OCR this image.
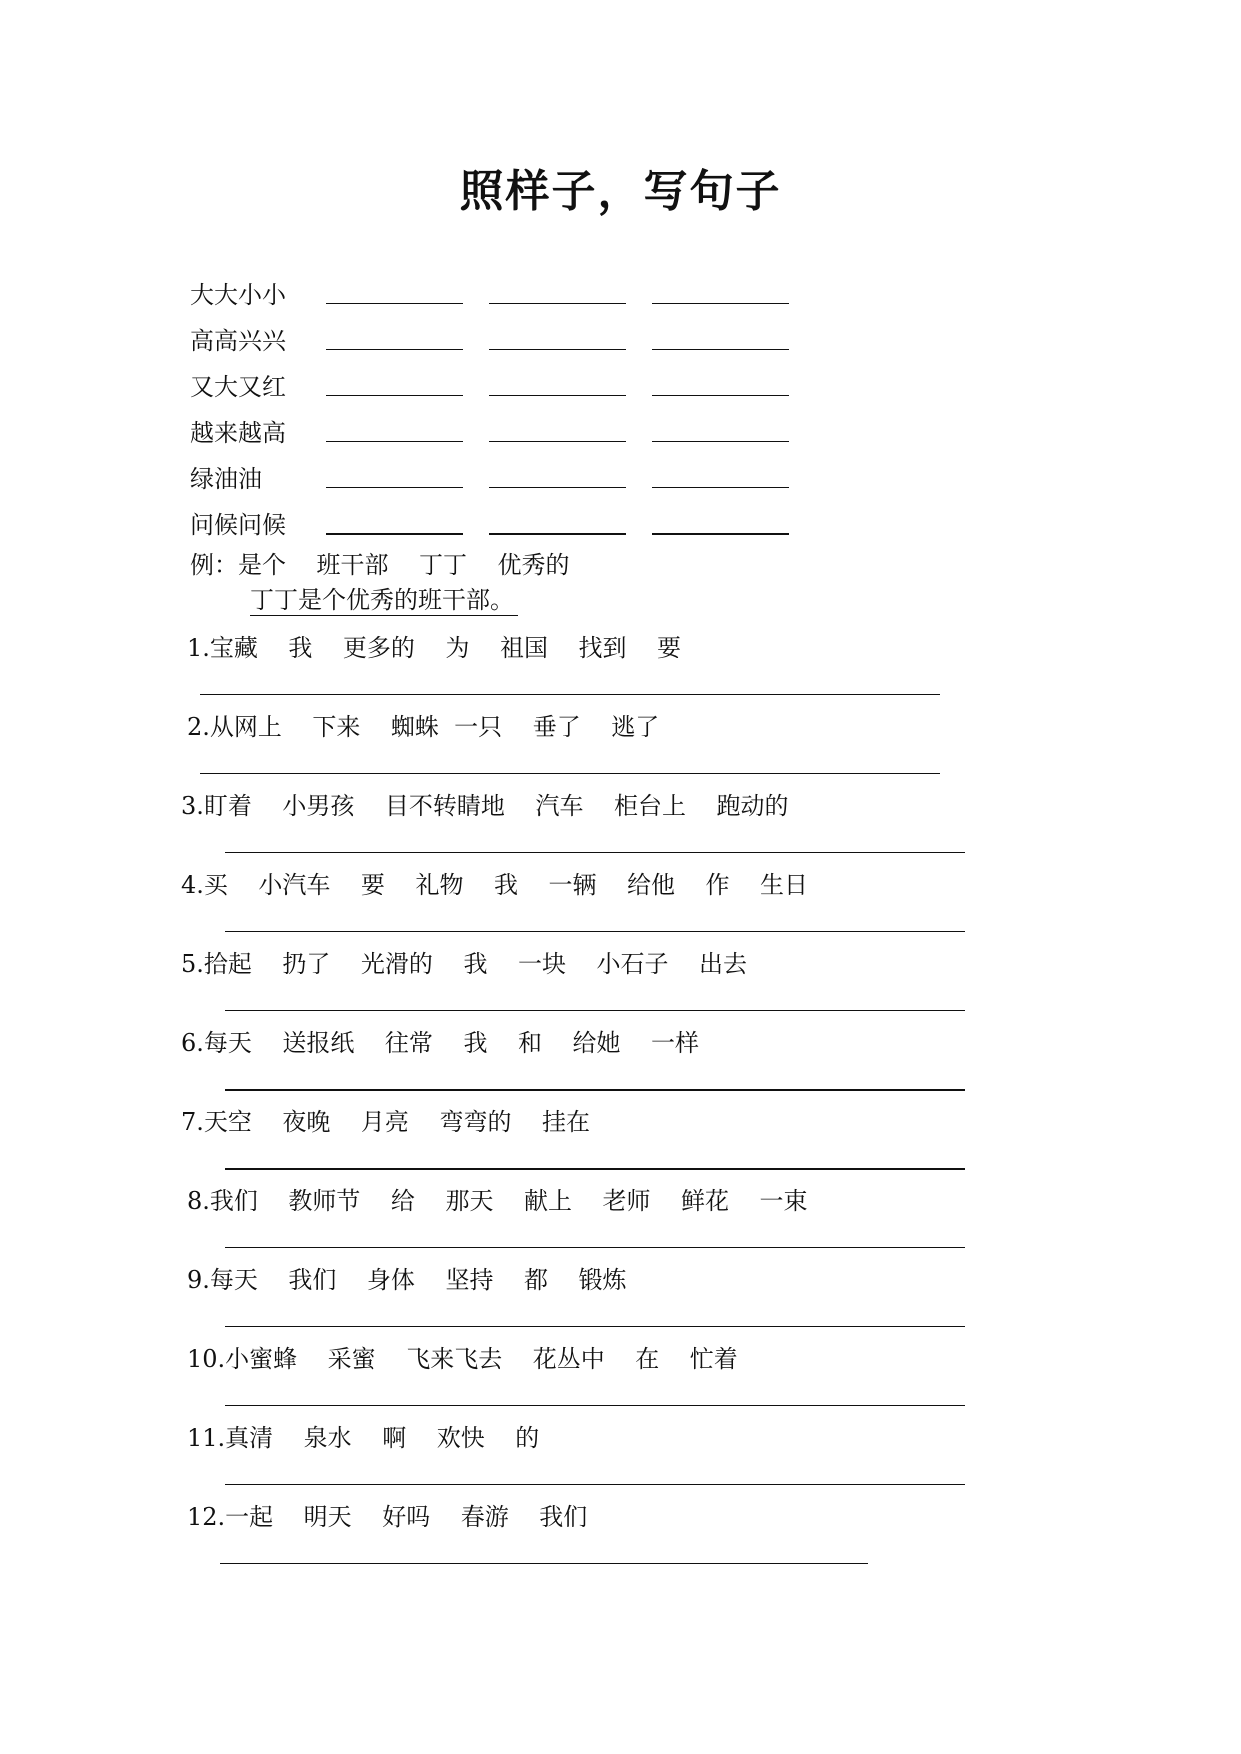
照样子，写句子
大大小小
高高兴兴
又大又红
越来越高
绿油油
问候问候
例：是个    班干部    丁丁    优秀的
丁丁是个优秀的班干部。
1.宝藏    我    更多的    为    祖国    找到    要
2.从网上    下来    蜘蛛  一只    垂了    逃了
3.盯着    小男孩    目不转睛地    汽车    柜台上    跑动的
4.买    小汽车    要    礼物    我    一辆    给他    作    生日
5.拾起    扔了    光滑的    我    一块    小石子    出去
6.每天    送报纸    往常    我    和    给她    一样
7.天空    夜晚    月亮    弯弯的    挂在
8.我们    教师节    给    那天    献上    老师    鲜花    一束
9.每天    我们    身体    坚持    都    锻炼
10.小蜜蜂    采蜜    飞来飞去    花丛中    在    忙着
11.真清    泉水    啊    欢快    的
12.一起    明天    好吗    春游    我们
